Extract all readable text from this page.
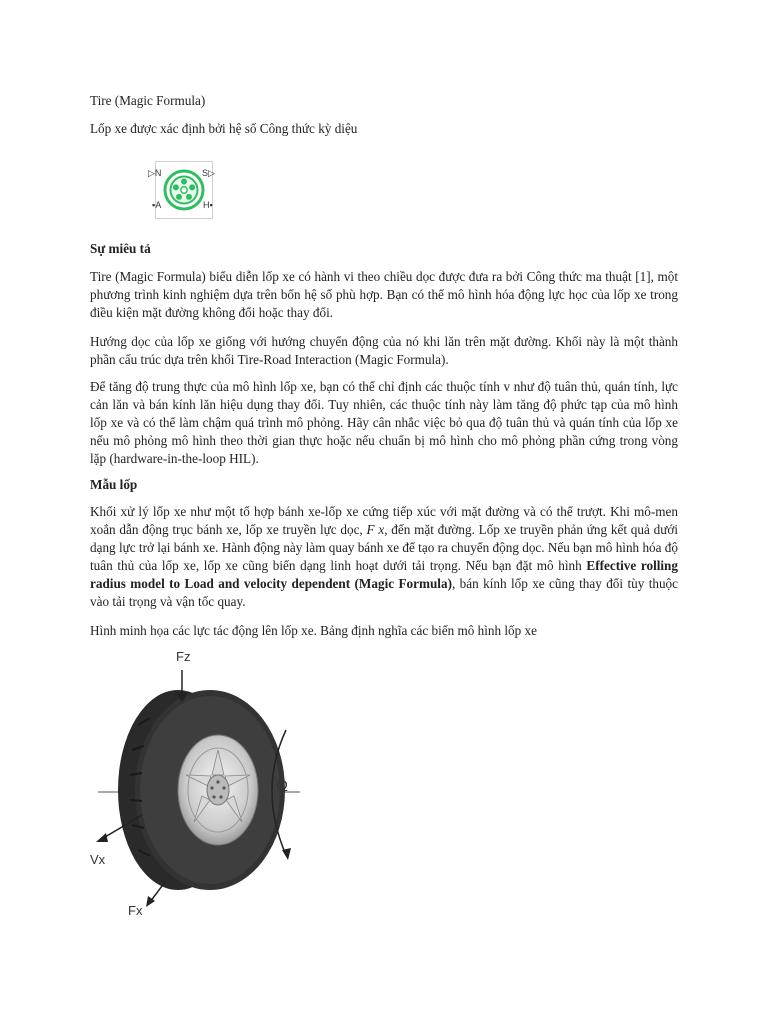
Tire (Magic Formula)

Lốp xe được xác định bởi hệ số Công thức kỳ diệu

▷N	S▷
▪A	H▪

Sự miêu tả

Tire (Magic Formula) biểu diễn lốp xe có hành vi theo chiều dọc được đưa ra bởi Công thức ma thuật [1], một phương trình kinh nghiệm dựa trên bốn hệ số phù hợp. Bạn có thể mô hình hóa động lực học của lốp xe trong điều kiện mặt đường không đổi hoặc thay đổi.

Hướng dọc của lốp xe giống với hướng chuyển động của nó khi lăn trên mặt đường. Khối này là một thành phần cấu trúc dựa trên khối Tire-Road Interaction (Magic Formula).

Để tăng độ trung thực của mô hình lốp xe, bạn có thể chỉ định các thuộc tính v như độ tuân thủ, quán tính, lực cản lăn và bán kính lăn hiệu dụng thay đổi. Tuy nhiên, các thuộc tính này làm tăng độ phức tạp của mô hình lốp xe và có thể làm chậm quá trình mô phỏng. Hãy cân nhắc việc bỏ qua độ tuân thủ và quán tính của lốp xe nếu mô phỏng mô hình theo thời gian thực hoặc nếu chuẩn bị mô hình cho mô phỏng phần cứng trong vòng lặp (hardware-in-the-loop HIL).

Mẫu lốp

Khối xử lý lốp xe như một tổ hợp bánh xe-lốp xe cứng tiếp xúc với mặt đường và có thể trượt. Khi mô-men xoắn dẫn động trục bánh xe, lốp xe truyền lực dọc, F x, đến mặt đường. Lốp xe truyền phản ứng kết quả dưới dạng lực trở lại bánh xe. Hành động này làm quay bánh xe để tạo ra chuyển động dọc. Nếu bạn mô hình hóa độ tuân thủ của lốp xe, lốp xe cũng biến dạng linh hoạt dưới tải trọng. Nếu bạn đặt mô hình Effective rolling radius model to Load and velocity dependent (Magic Formula), bán kính lốp xe cũng thay đổi tùy thuộc vào tải trọng và vận tốc quay.

Hình minh họa các lực tác động lên lốp xe. Bảng định nghĩa các biến mô hình lốp xe

Fz
Vx
Fx
Ω
